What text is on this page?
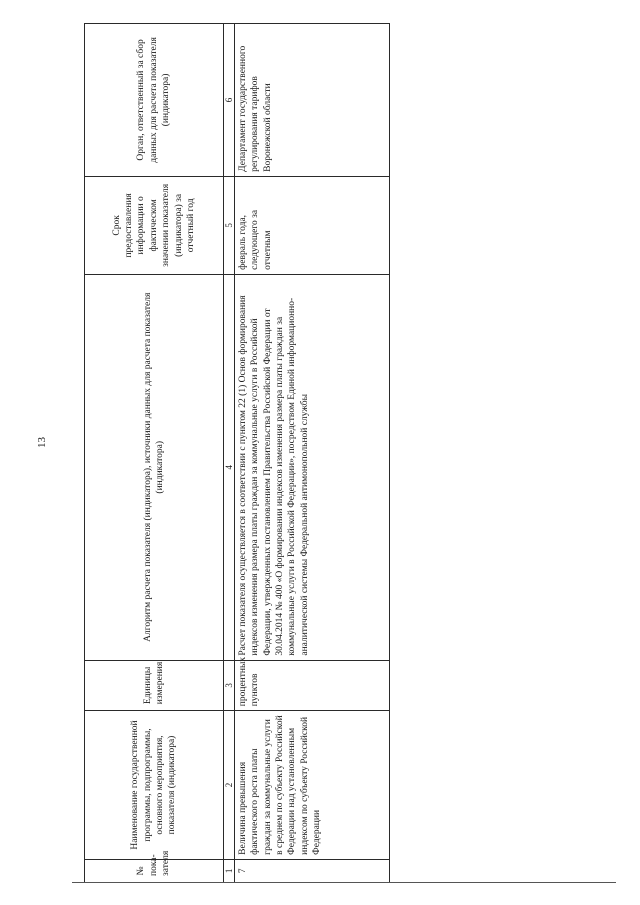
13
№ пока-зателя	Наименование государственной программы, подпрограммы, основного мероприятия, показателя (индикатора)	Единицы измерения	Алгоритм расчета показателя (индикатора), источники данных для расчета показателя (индикатора)	Срок предоставления информации о фактическом значении показателя (индикатора) за отчетный год	Орган, ответственный за сбор данных для расчета показателя (индикатора)
1	2	3	4	5	6
7	Величина превышения фактического роста платы граждан за коммунальные услуги в среднем по субъекту Российской Федерации над установленным индексом по субъекту Российской Федерации	процентных пунктов	Расчет показателя осуществляется в соответствии с пунктом 22 (1) Основ формирования индексов изменения размера платы граждан за коммунальные услуги в Российской Федерации, утвержденных постановлением Правительства Российской Федерации от 30.04.2014 № 400 «О формировании индексов изменения размера платы граждан за коммунальные услуги в Российской Федерации», посредством Единой информационно-аналитической системы Федеральной антимонопольной службы	февраль года, следующего за отчетным	Департамент государственного регулирования тарифов Воронежской области
